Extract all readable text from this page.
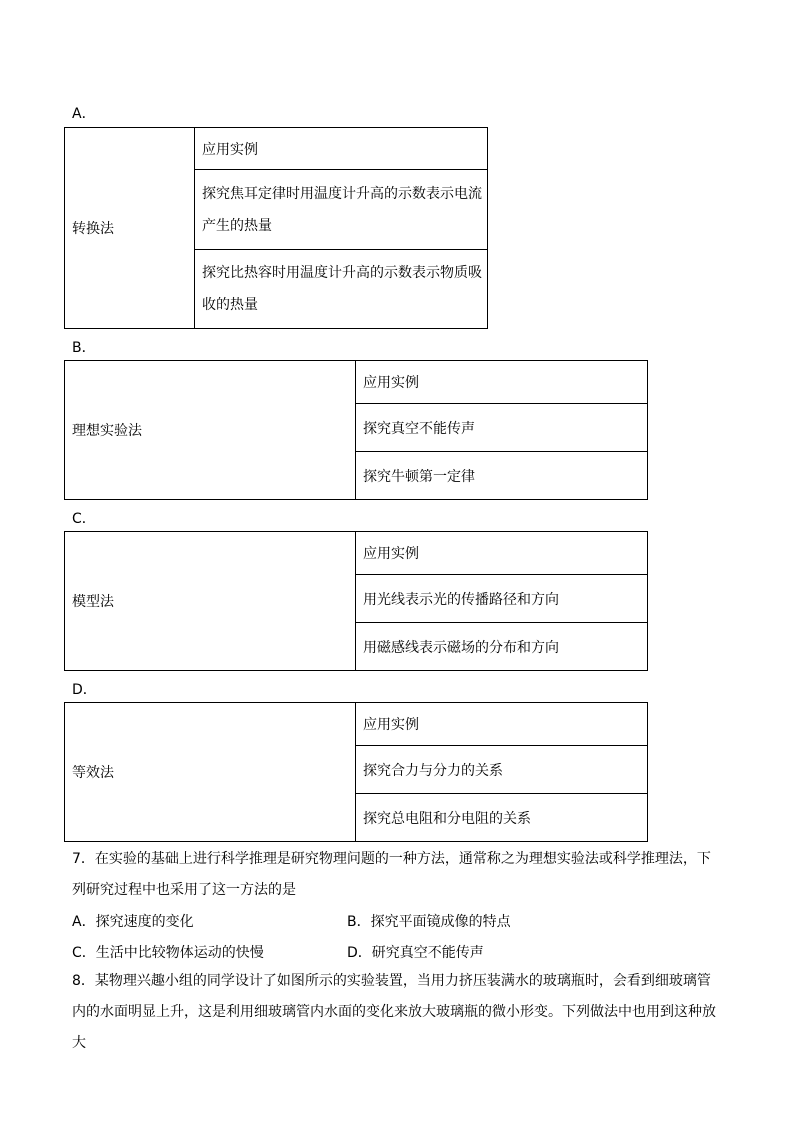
A．
转换法	应用实例
探究焦耳定律时用温度计升高的示数表示电流产生的热量
探究比热容时用温度计升高的示数表示物质吸收的热量
B．
理想实验法	应用实例
探究真空不能传声
探究牛顿第一定律
C．
模型法	应用实例
用光线表示光的传播路径和方向
用磁感线表示磁场的分布和方向
D．
等效法	应用实例
探究合力与分力的关系
探究总电阻和分电阻的关系
7．在实验的基础上进行科学推理是研究物理问题的一种方法，通常称之为理想实验法或科学推理法，下列研究过程中也采用了这一方法的是
A．探究速度的变化	B．探究平面镜成像的特点
C．生活中比较物体运动的快慢	D．研究真空不能传声
8．某物理兴趣小组的同学设计了如图所示的实验装置，当用力挤压装满水的玻璃瓶时，会看到细玻璃管内的水面明显上升，这是利用细玻璃管内水面的变化来放大玻璃瓶的微小形变。下列做法中也用到这种放大
